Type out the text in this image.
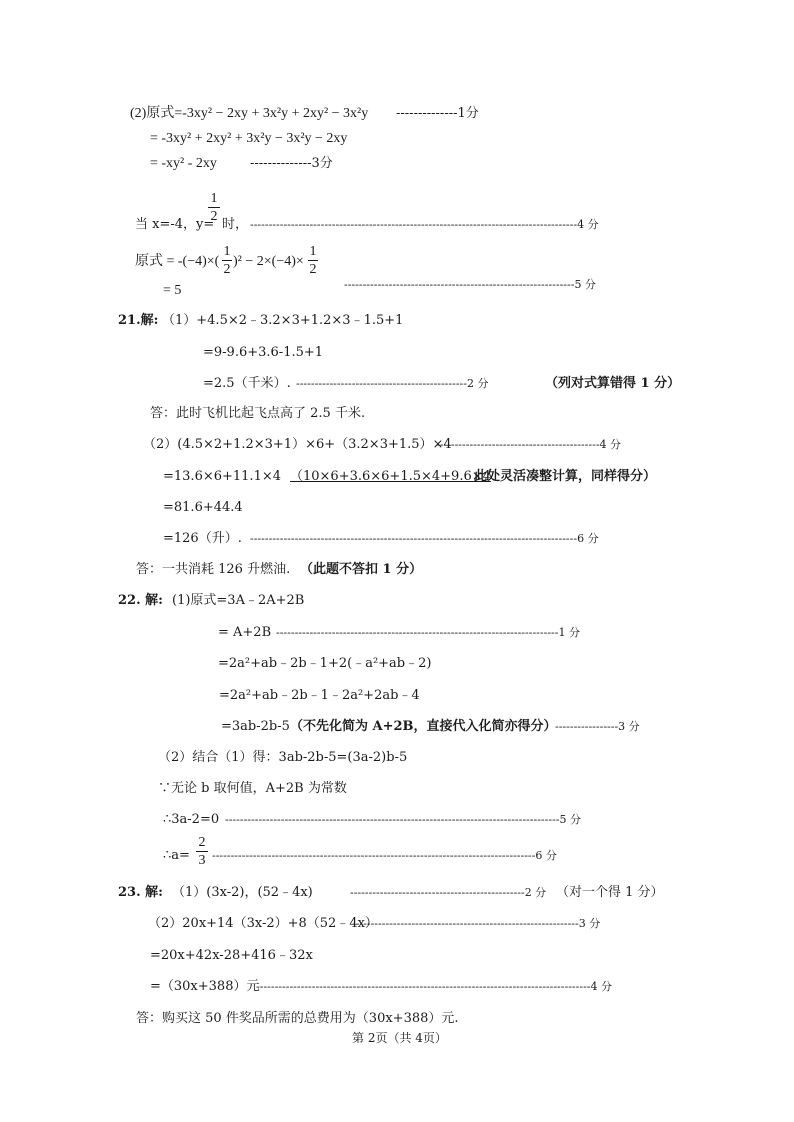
(2)原式=-3xy² − 2xy + 3x²y + 2xy² − 3x²y --------------1分
= -3xy² + 2xy² + 3x²y − 3x²y − 2xy
= -xy² - 2xy	--------------3分
当 x=-4，y=
1
2
时， ----------------------------------------------------------------------------------------4 分
原式 = -(−4)×(
1
2
)² − 2×(−4)×
1
2
= 5	--------------------------------------------------------------5 分
21.解: （1）+4.5×2﹣3.2×3+1.2×3﹣1.5+1
=9-9.6+3.6-1.5+1
=2.5（千米）. ----------------------------------------------2 分	（列对式算错得 1 分）
答：此时飞机比起飞点高了 2.5 千米.
（2）(4.5×2+1.2×3+1）×6+（3.2×3+1.5）×4
--------------------------------------------4 分
=13.6×6+11.1×4 （10×6+3.6×6+1.5×4+9.6×4
此处灵活凑整计算，同样得分）
=81.6+44.4
=126（升）. ----------------------------------------------------------------------------------------6 分
答：一共消耗 126 升燃油. （此题不答扣 1 分）
22. 解: (1)原式=3A﹣2A+2B
= A+2B ----------------------------------------------------------------------------1 分
=2a²+ab﹣2b﹣1+2(﹣a²+ab﹣2)
=2a²+ab﹣2b﹣1﹣2a²+2ab﹣4
=3ab-2b-5 （不先化简为 A+2B，直接代入化简亦得分）
-----------------3 分
（2）结合（1）得：3ab-2b-5=(3a-2)b-5
∵无论 b 取何值，A+2B 为常数
∴3a-2=0 ------------------------------------------------------------------------------------------5 分
∴a=
2
3 ---------------------------------------------------------------------------------------6 分
23. 解: （1）(3x-2)，(52﹣4x)	-----------------------------------------------2 分 （对一个得 1 分）
（2）20x+14（3x-2）+8（52﹣4x）
-------------------------------------------------------------3 分
=20x+42x-28+416﹣32x
=（30x+388）元
------------------------------------------------------------------------------------------4 分
答：购买这 50 件奖品所需的总费用为（30x+388）元.
第 2页（共 4页）
